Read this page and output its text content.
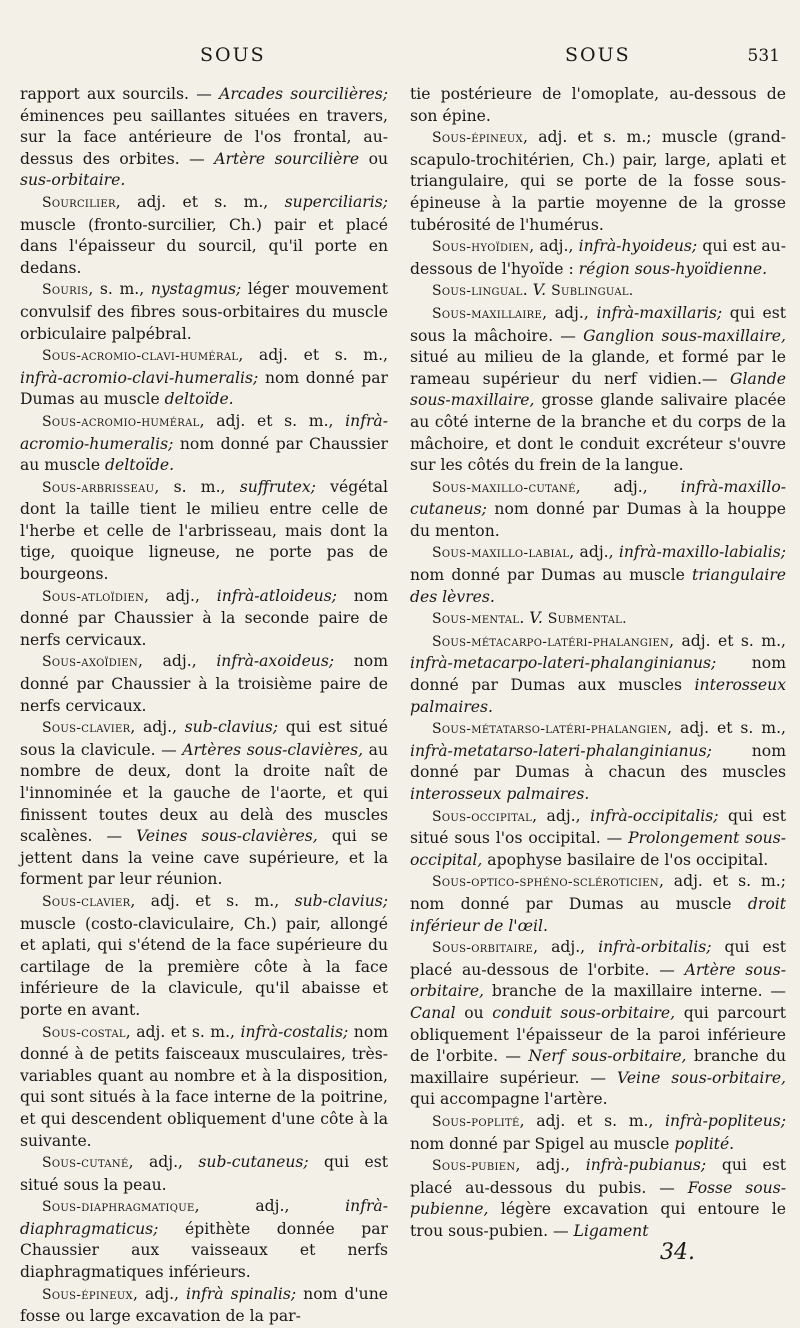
SOUS	SOUS	531

rapport aux sourcils. — Arcades sourcilières; éminences peu saillantes situées en travers, sur la face antérieure de l'os frontal, au-dessus des orbites. — Artère sourcilière ou sus-orbitaire.

Sourcilier, adj. et s. m., superciliaris; muscle (fronto-surcilier, Ch.) pair et placé dans l'épaisseur du sourcil, qu'il porte en dedans.

Souris, s. m., nystagmus; léger mouvement convulsif des fibres sous-orbitaires du muscle orbiculaire palpébral.

Sous-acromio-clavi-huméral, adj. et s. m., infrà-acromio-clavi-humeralis; nom donné par Dumas au muscle deltoïde.

Sous-acromio-huméral, adj. et s. m., infrà-acromio-humeralis; nom donné par Chaussier au muscle deltoïde.

Sous-arbrisseau, s. m., suffrutex; végétal dont la taille tient le milieu entre celle de l'herbe et celle de l'arbrisseau, mais dont la tige, quoique ligneuse, ne porte pas de bourgeons.

Sous-atloïdien, adj., infrà-atloideus; nom donné par Chaussier à la seconde paire de nerfs cervicaux.

Sous-axoïdien, adj., infrà-axoideus; nom donné par Chaussier à la troisième paire de nerfs cervicaux.

Sous-clavier, adj., sub-clavius; qui est situé sous la clavicule. — Artères sous-clavières, au nombre de deux, dont la droite naît de l'innominée et la gauche de l'aorte, et qui finissent toutes deux au delà des muscles scalènes. — Veines sous-clavières, qui se jettent dans la veine cave supérieure, et la forment par leur réunion.

Sous-clavier, adj. et s. m., sub-clavius; muscle (costo-claviculaire, Ch.) pair, allongé et aplati, qui s'étend de la face supérieure du cartilage de la première côte à la face inférieure de la clavicule, qu'il abaisse et porte en avant.

Sous-costal, adj. et s. m., infrà-costalis; nom donné à de petits faisceaux musculaires, très-variables quant au nombre et à la disposition, qui sont situés à la face interne de la poitrine, et qui descendent obliquement d'une côte à la suivante.

Sous-cutané, adj., sub-cutaneus; qui est situé sous la peau.

Sous-diaphragmatique, adj., infrà-diaphragmaticus; épithète donnée par Chaussier aux vaisseaux et nerfs diaphragmatiques inférieurs.

Sous-épineux, adj., infrà spinalis; nom d'une fosse ou large excavation de la par-

tie postérieure de l'omoplate, au-dessous de son épine.

Sous-épineux, adj. et s. m.; muscle (grand-scapulo-trochitérien, Ch.) pair, large, aplati et triangulaire, qui se porte de la fosse sous-épineuse à la partie moyenne de la grosse tubérosité de l'humérus.

Sous-hyoïdien, adj., infrà-hyoideus; qui est au-dessous de l'hyoïde : région sous-hyoïdienne.

Sous-lingual. V. Sublingual.

Sous-maxillaire, adj., infrà-maxillaris; qui est sous la mâchoire. — Ganglion sous-maxillaire, situé au milieu de la glande, et formé par le rameau supérieur du nerf vidien.— Glande sous-maxillaire, grosse glande salivaire placée au côté interne de la branche et du corps de la mâchoire, et dont le conduit excréteur s'ouvre sur les côtés du frein de la langue.

Sous-maxillo-cutané, adj., infrà-maxillo-cutaneus; nom donné par Dumas à la houppe du menton.

Sous-maxillo-labial, adj., infrà-maxillo-labialis; nom donné par Dumas au muscle triangulaire des lèvres.

Sous-mental. V. Submental.

Sous-métacarpo-latéri-phalangien, adj. et s. m., infrà-metacarpo-lateri-phalanginianus; nom donné par Dumas aux muscles interosseux palmaires.

Sous-métatarso-latéri-phalangien, adj. et s. m., infrà-metatarso-lateri-phalanginianus; nom donné par Dumas à chacun des muscles interosseux palmaires.

Sous-occipital, adj., infrà-occipitalis; qui est situé sous l'os occipital. — Prolongement sous-occipital, apophyse basilaire de l'os occipital.

Sous-optico-sphéno-scléroticien, adj. et s. m.; nom donné par Dumas au muscle droit inférieur de l'œil.

Sous-orbitaire, adj., infrà-orbitalis; qui est placé au-dessous de l'orbite. — Artère sous-orbitaire, branche de la maxillaire interne. — Canal ou conduit sous-orbitaire, qui parcourt obliquement l'épaisseur de la paroi inférieure de l'orbite. — Nerf sous-orbitaire, branche du maxillaire supérieur. — Veine sous-orbitaire, qui accompagne l'artère.

Sous-poplité, adj. et s. m., infrà-popliteus; nom donné par Spigel au muscle poplité.

Sous-pubien, adj., infrà-pubianus; qui est placé au-dessous du pubis. — Fosse sous-pubienne, légère excavation qui entoure le trou sous-pubien. — Ligament

34.
